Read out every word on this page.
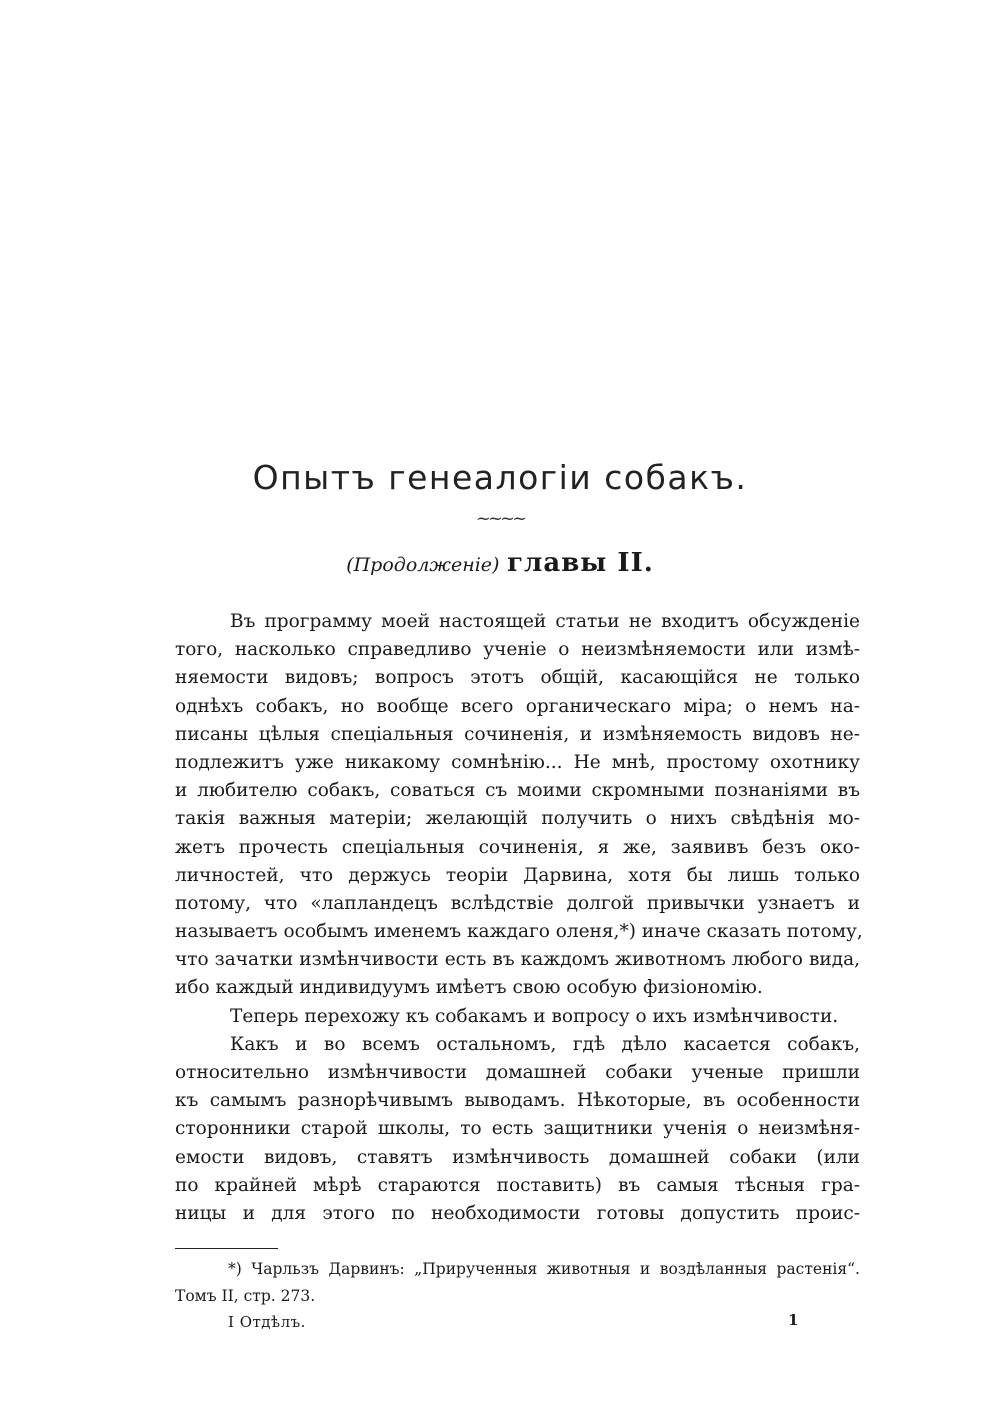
Опытъ генеалогіи собакъ.
~~~~
(Продолженіе) главы II.
Въ программу моей настоящей статьи не входитъ обсужденіе
того, насколько справедливо ученіе о неизмѣняемости или измѣ-
няемости видовъ; вопросъ этотъ общій, касающійся не только
однѣхъ собакъ, но вообще всего органическаго міра; о немъ на-
писаны цѣлыя спеціальныя сочиненія, и измѣняемость видовъ не-
подлежитъ уже никакому сомнѣнію... Не мнѣ, простому охотнику
и любителю собакъ, соваться съ моими скромными познаніями въ
такія важныя матеріи; желающій получить о нихъ свѣдѣнія мо-
жетъ прочесть спеціальныя сочиненія, я же, заявивъ безъ око-
личностей, что держусь теоріи Дарвина, хотя бы лишь только
потому, что «лапландецъ вслѣдствіе долгой привычки узнаетъ и
называетъ особымъ именемъ каждаго оленя,*) иначе сказать потому,
что зачатки измѣнчивости есть въ каждомъ животномъ любого вида,
ибо каждый индивидуумъ имѣетъ свою особую физіономію.
Теперь перехожу къ собакамъ и вопросу о ихъ измѣнчивости.
Какъ и во всемъ остальномъ, гдѣ дѣло касается собакъ,
относительно измѣнчивости домашней собаки ученые пришли
къ самымъ разнорѣчивымъ выводамъ. Нѣкоторые, въ особенности
сторонники старой школы, то есть защитники ученія о неизмѣня-
емости видовъ, ставятъ измѣнчивость домашней собаки (или
по крайней мѣрѣ стараются поставить) въ самыя тѣсныя гра-
ницы и для этого по необходимости готовы допустить проис-
*) Чарльзъ Дарвинъ: „Прирученныя животныя и воздѣланныя растенія“.
Томъ II, стр. 273.
I Отдѣлъ.	1
